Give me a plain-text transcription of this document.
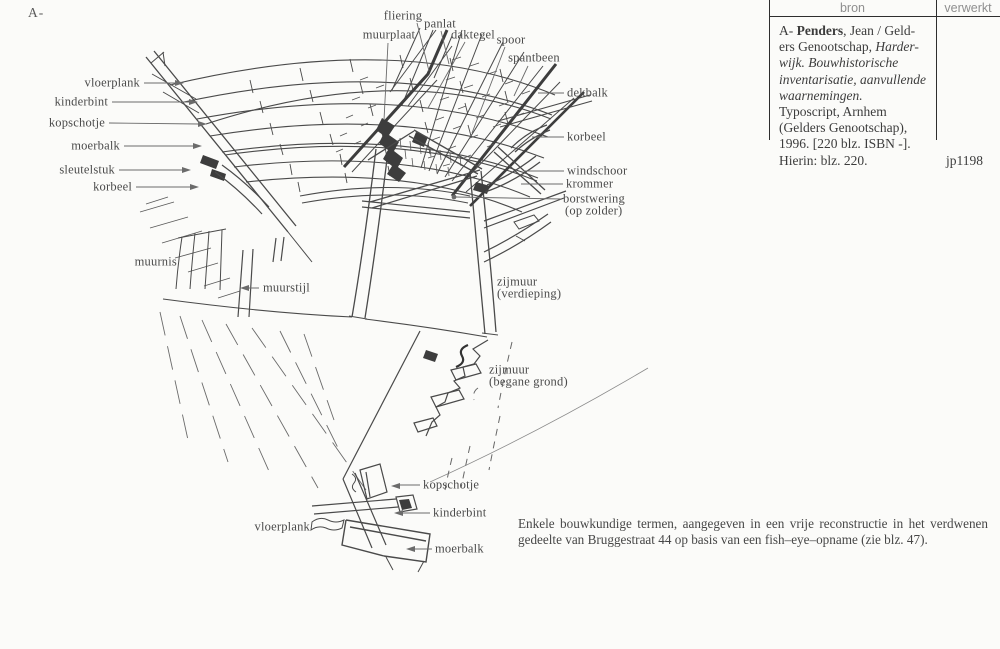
A-
vloerplank
kinderbint
kopschotje
moerbalk
sleutelstuk
korbeel
muurnis
muurstijl
fliering
panlat
muurplaat	daktegel spoor
spantbeen
dekbalk
korbeel
windschoor
krommer
borstwering
(op zolder)
zijmuur
(verdieping)
zijmuur
(begane grond)
kopschotje
kinderbint
vloerplank
moerbalk
bron	verwerkt
A- Penders, Jean / Geld-
ers Genootschap, Harder-
wijk. Bouwhistorische
inventarisatie, aanvullende
waarnemingen.
Typoscript, Arnhem
(Gelders Genootschap),
1996. [220 blz. ISBN -].
Hierin: blz. 220.	jp1198
Enkele bouwkundige termen, aangegeven in een vrije reconstructie in het verdwenen
gedeelte van Bruggestraat 44 op basis van een fish–eye–opname (zie blz. 47).
